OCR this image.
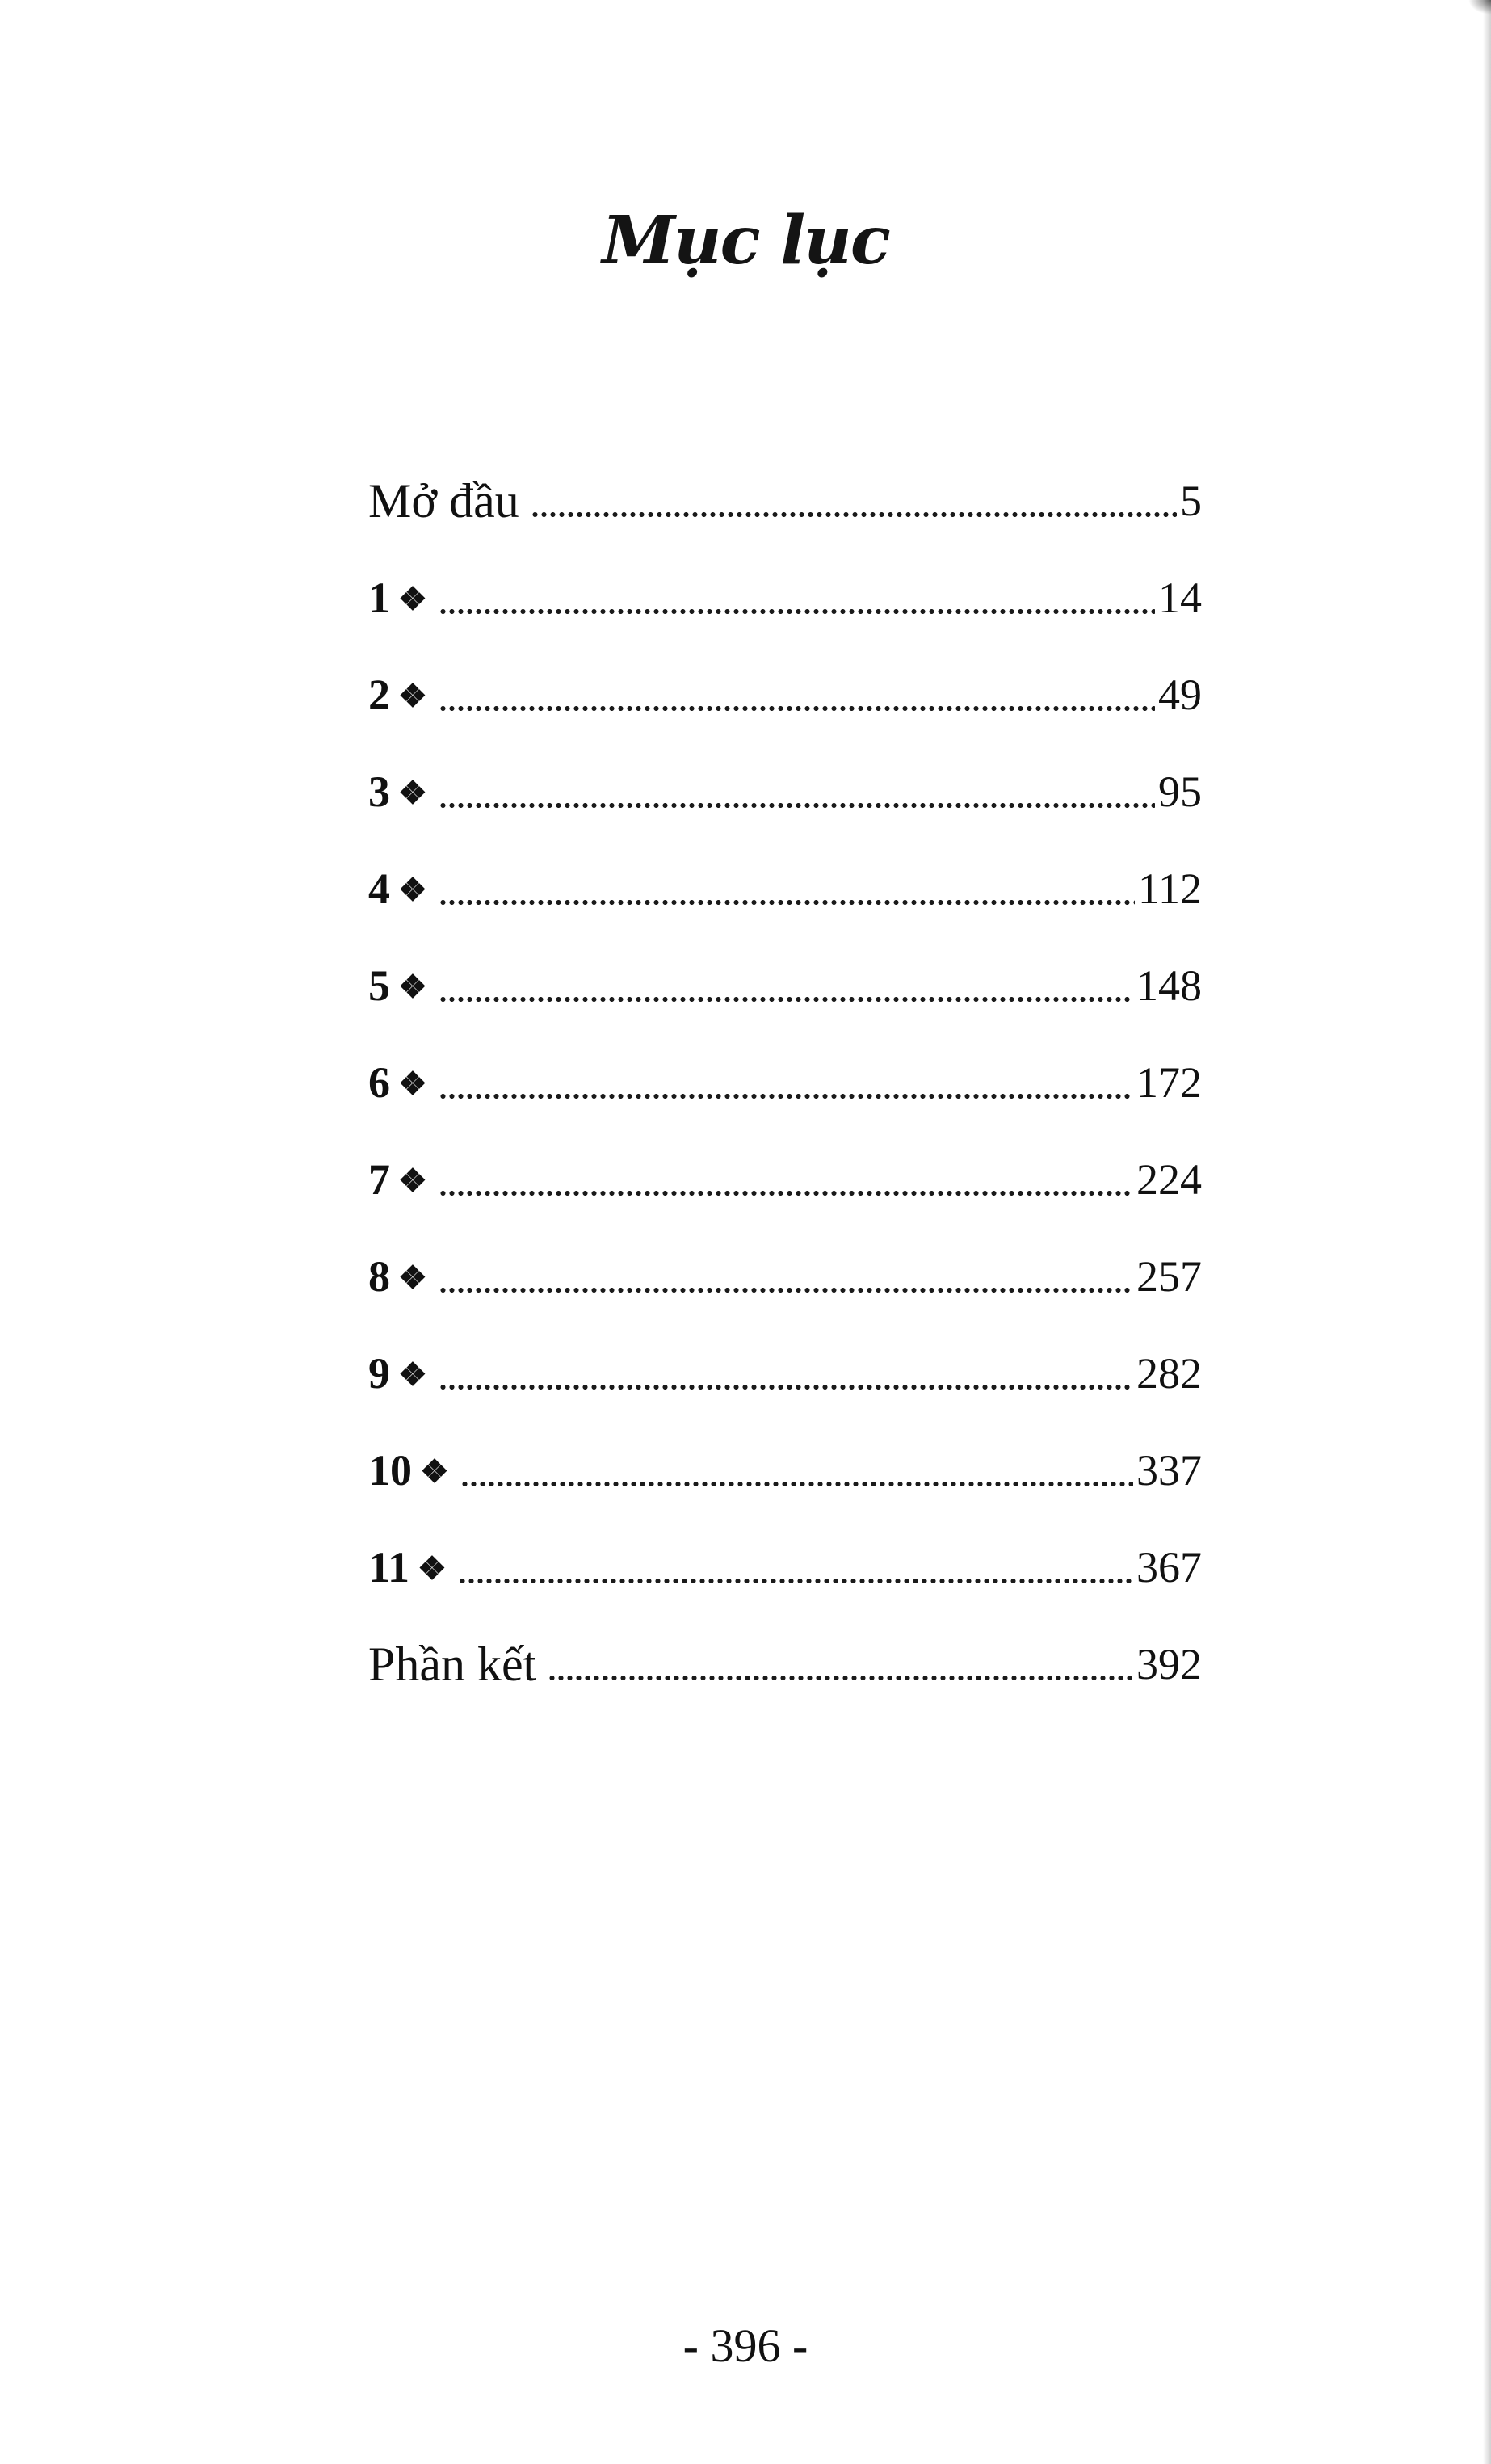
Mục lục
Mở đầu	5
1 ❖	14
2 ❖	49
3 ❖	95
4 ❖	112
5 ❖	148
6 ❖	172
7 ❖	224
8 ❖	257
9 ❖	282
10 ❖	337
11 ❖	367
Phần kết	392
- 396 -
